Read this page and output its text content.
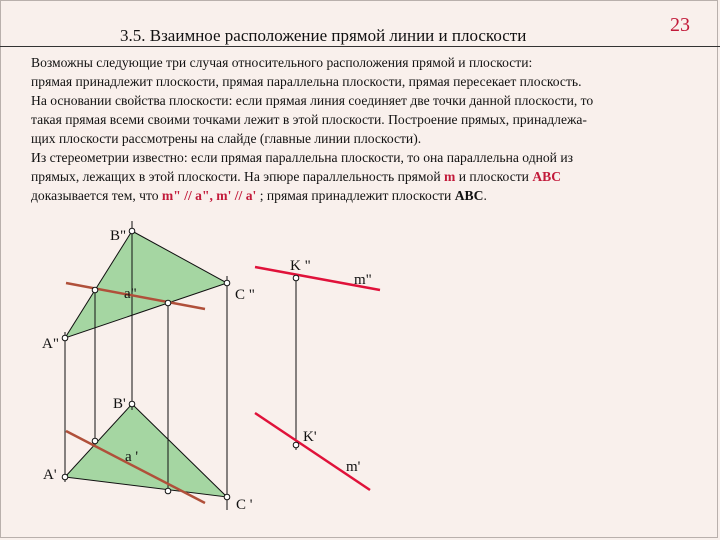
3.5. Взаимное расположение прямой линии и плоскости	23

Возможны следующие три случая относительного расположения прямой и плоскости:

прямая принадлежит плоскости, прямая параллельна плоскости, прямая пересекает плоскость.

На основании свойства плоскости: если прямая линия соединяет две точки данной плоскости, то

такая прямая всеми своими точками лежит в этой плоскости. Построение прямых, принадлежа-

щих плоскости рассмотрены на слайде (главные линии плоскости).

Из стереометрии известно: если прямая параллельна плоскости, то она параллельна одной из

прямых, лежащих в этой плоскости. На эпюре параллельность прямой m и плоскости ABC

доказывается тем, что m" // a", m' // a' ; прямая принадлежит плоскости ABC.

B"
a"	C "
A"
K "
m"
B'
a '
K'
A'	m'
C '
